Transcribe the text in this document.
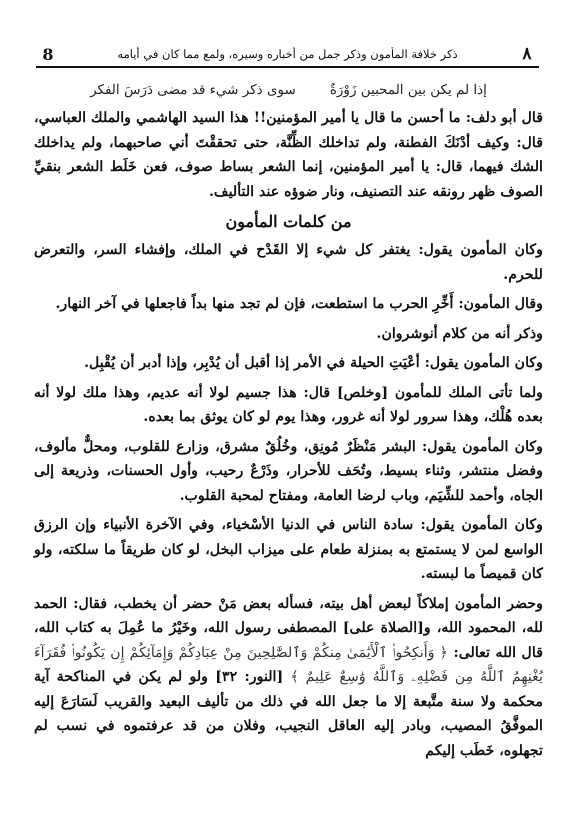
٨
ذكر خلافة المأمون وذكر جمل من أخباره وسيره، ولمع مما كان في أيامه
8
إذا لم يكن بين المحبين زَوْرَةٌ
سوى ذكر شيء قد مضى دَرَسَ الفكر

قال أبو دلف: ما أحسن ما قال يا أمير المؤمنين!! هذا السيد الهاشمي والملك العباسي، قال: وكيف أدْنَكَ الفطنة، ولم تداخلك الظِّنَّة، حتى تحققْتَ أني صاحبهما، ولم يداخلك الشك فيهما، قال: يا أمير المؤمنين، إنما الشعر بساط صوف، فعن خَلَط الشعر بنقيِّ الصوف ظهر رونقه عند التصنيف، ونار ضوؤه عند التأليف.

من كلمات المأمون

وكان المأمون يقول: يغتفر كل شيء إلا القَدْح في الملك، وإفشاء السر، والتعرض للحرم.

وقال المأمون: أَخِّرِ الحرب ما استطعت، فإن لم تجد منها بداً فاجعلها في آخر النهار.

وذكر أنه من كلام أنوشروان.

وكان المأمون يقول: أعْيَتِ الحيلة في الأمر إذا أقبل أن يُدْبِر، وإذا أدبر أن يُقْبِل.

ولما تأتى الملك للمأمون [وخلص] قال: هذا جسيم لولا أنه عديم، وهذا ملك لولا أنه بعده هُلْك، وهذا سرور لولا أنه غرور، وهذا يوم لو كان يوثق بما بعده.

وكان المأمون يقول: البشر مَنْظَرٌ مُونِق، وخُلُقٌ مشرق، وزارع للقلوب، ومحلٌّ مألوف، وفضل منتشر، وثناء بسيط، وتُحَف للأحرار، وذَرْعٌ رحيب، وأول الحسنات، وذريعة إلى الجاه، وأحمد للشِّيَم، وباب لرضا العامة، ومفتاح لمحبة القلوب.

وكان المأمون يقول: سادة الناس في الدنيا الأسْخياء، وفي الآخرة الأنبياء وإن الرزق الواسع لمن لا يستمتع به بمنزلة طعام على ميزاب البخل، لو كان طريقاً ما سلكته، ولو كان قميصاً ما لبسته.

وحضر المأمون إملاكاً لبعض أهل بيته، فسأله بعض مَنْ حضر أن يخطب، فقال: الحمد لله، المحمود الله، و[الصلاة على] المصطفى رسول الله، وخَيْرُ ما عُمِلَ به كتاب الله، قال الله تعالى: ﴿ وَأَنكِحُوا۟ ٱلْأَيَٰمَىٰ مِنكُمْ وَٱلصَّٰلِحِينَ مِنْ عِبَادِكُمْ وَإِمَآئِكُمْ إِن يَكُونُوا۟ فُقَرَآءَ يُغْنِهِمُ ٱللَّهُ مِن فَضْلِهِۦ وَٱللَّهُ وَٰسِعٌ عَلِيمٌ ﴾ [النور: ٣٢] ولو لم يكن في المناكحة آية محكمة ولا سنة متَّبعة إلا ما جعل الله في ذلك من تأليف البعيد والقريب لَسَارَعَ إليه الموفَّقُ المصيب، وبادر إليه العاقل النجيب، وفلان من قد عرفتموه في نسب لم تجهلوه، خَطَب إليكم
